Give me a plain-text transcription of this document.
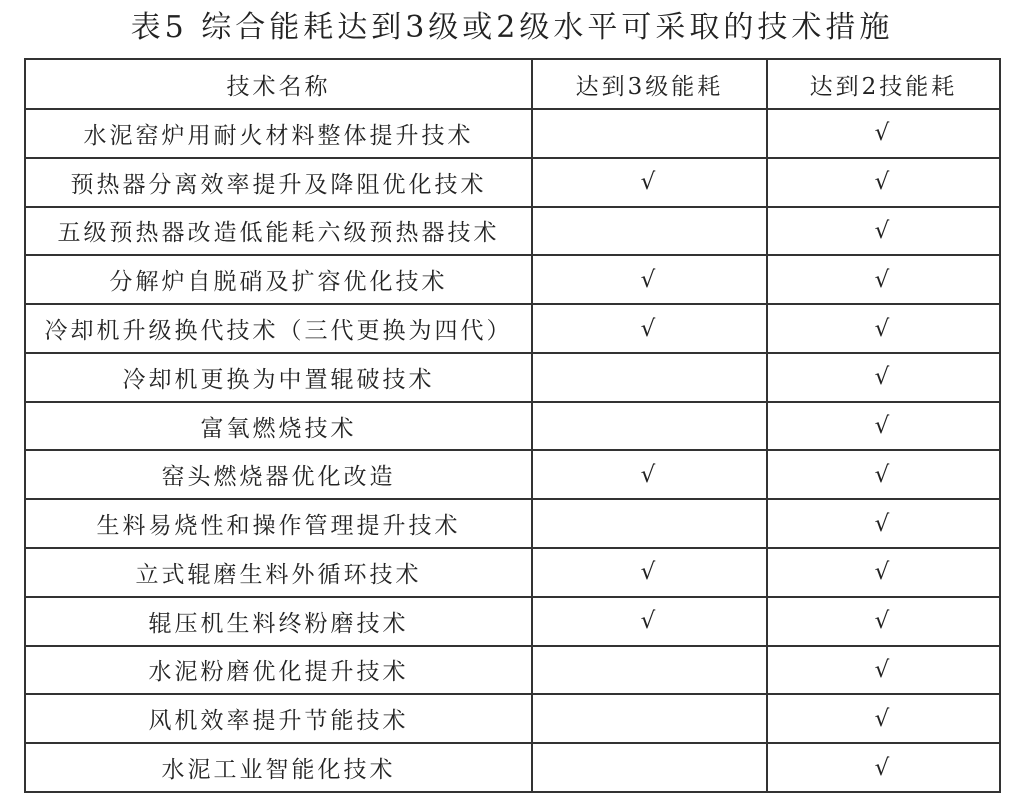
表5 综合能耗达到3级或2级水平可采取的技术措施
技术名称	达到3级能耗	达到2技能耗
水泥窑炉用耐火材料整体提升技术		√
预热器分离效率提升及降阻优化技术	√	√
五级预热器改造低能耗六级预热器技术		√
分解炉自脱硝及扩容优化技术	√	√
冷却机升级换代技术（三代更换为四代）	√	√
冷却机更换为中置辊破技术		√
富氧燃烧技术		√
窑头燃烧器优化改造	√	√
生料易烧性和操作管理提升技术		√
立式辊磨生料外循环技术	√	√
辊压机生料终粉磨技术	√	√
水泥粉磨优化提升技术		√
风机效率提升节能技术		√
水泥工业智能化技术		√
